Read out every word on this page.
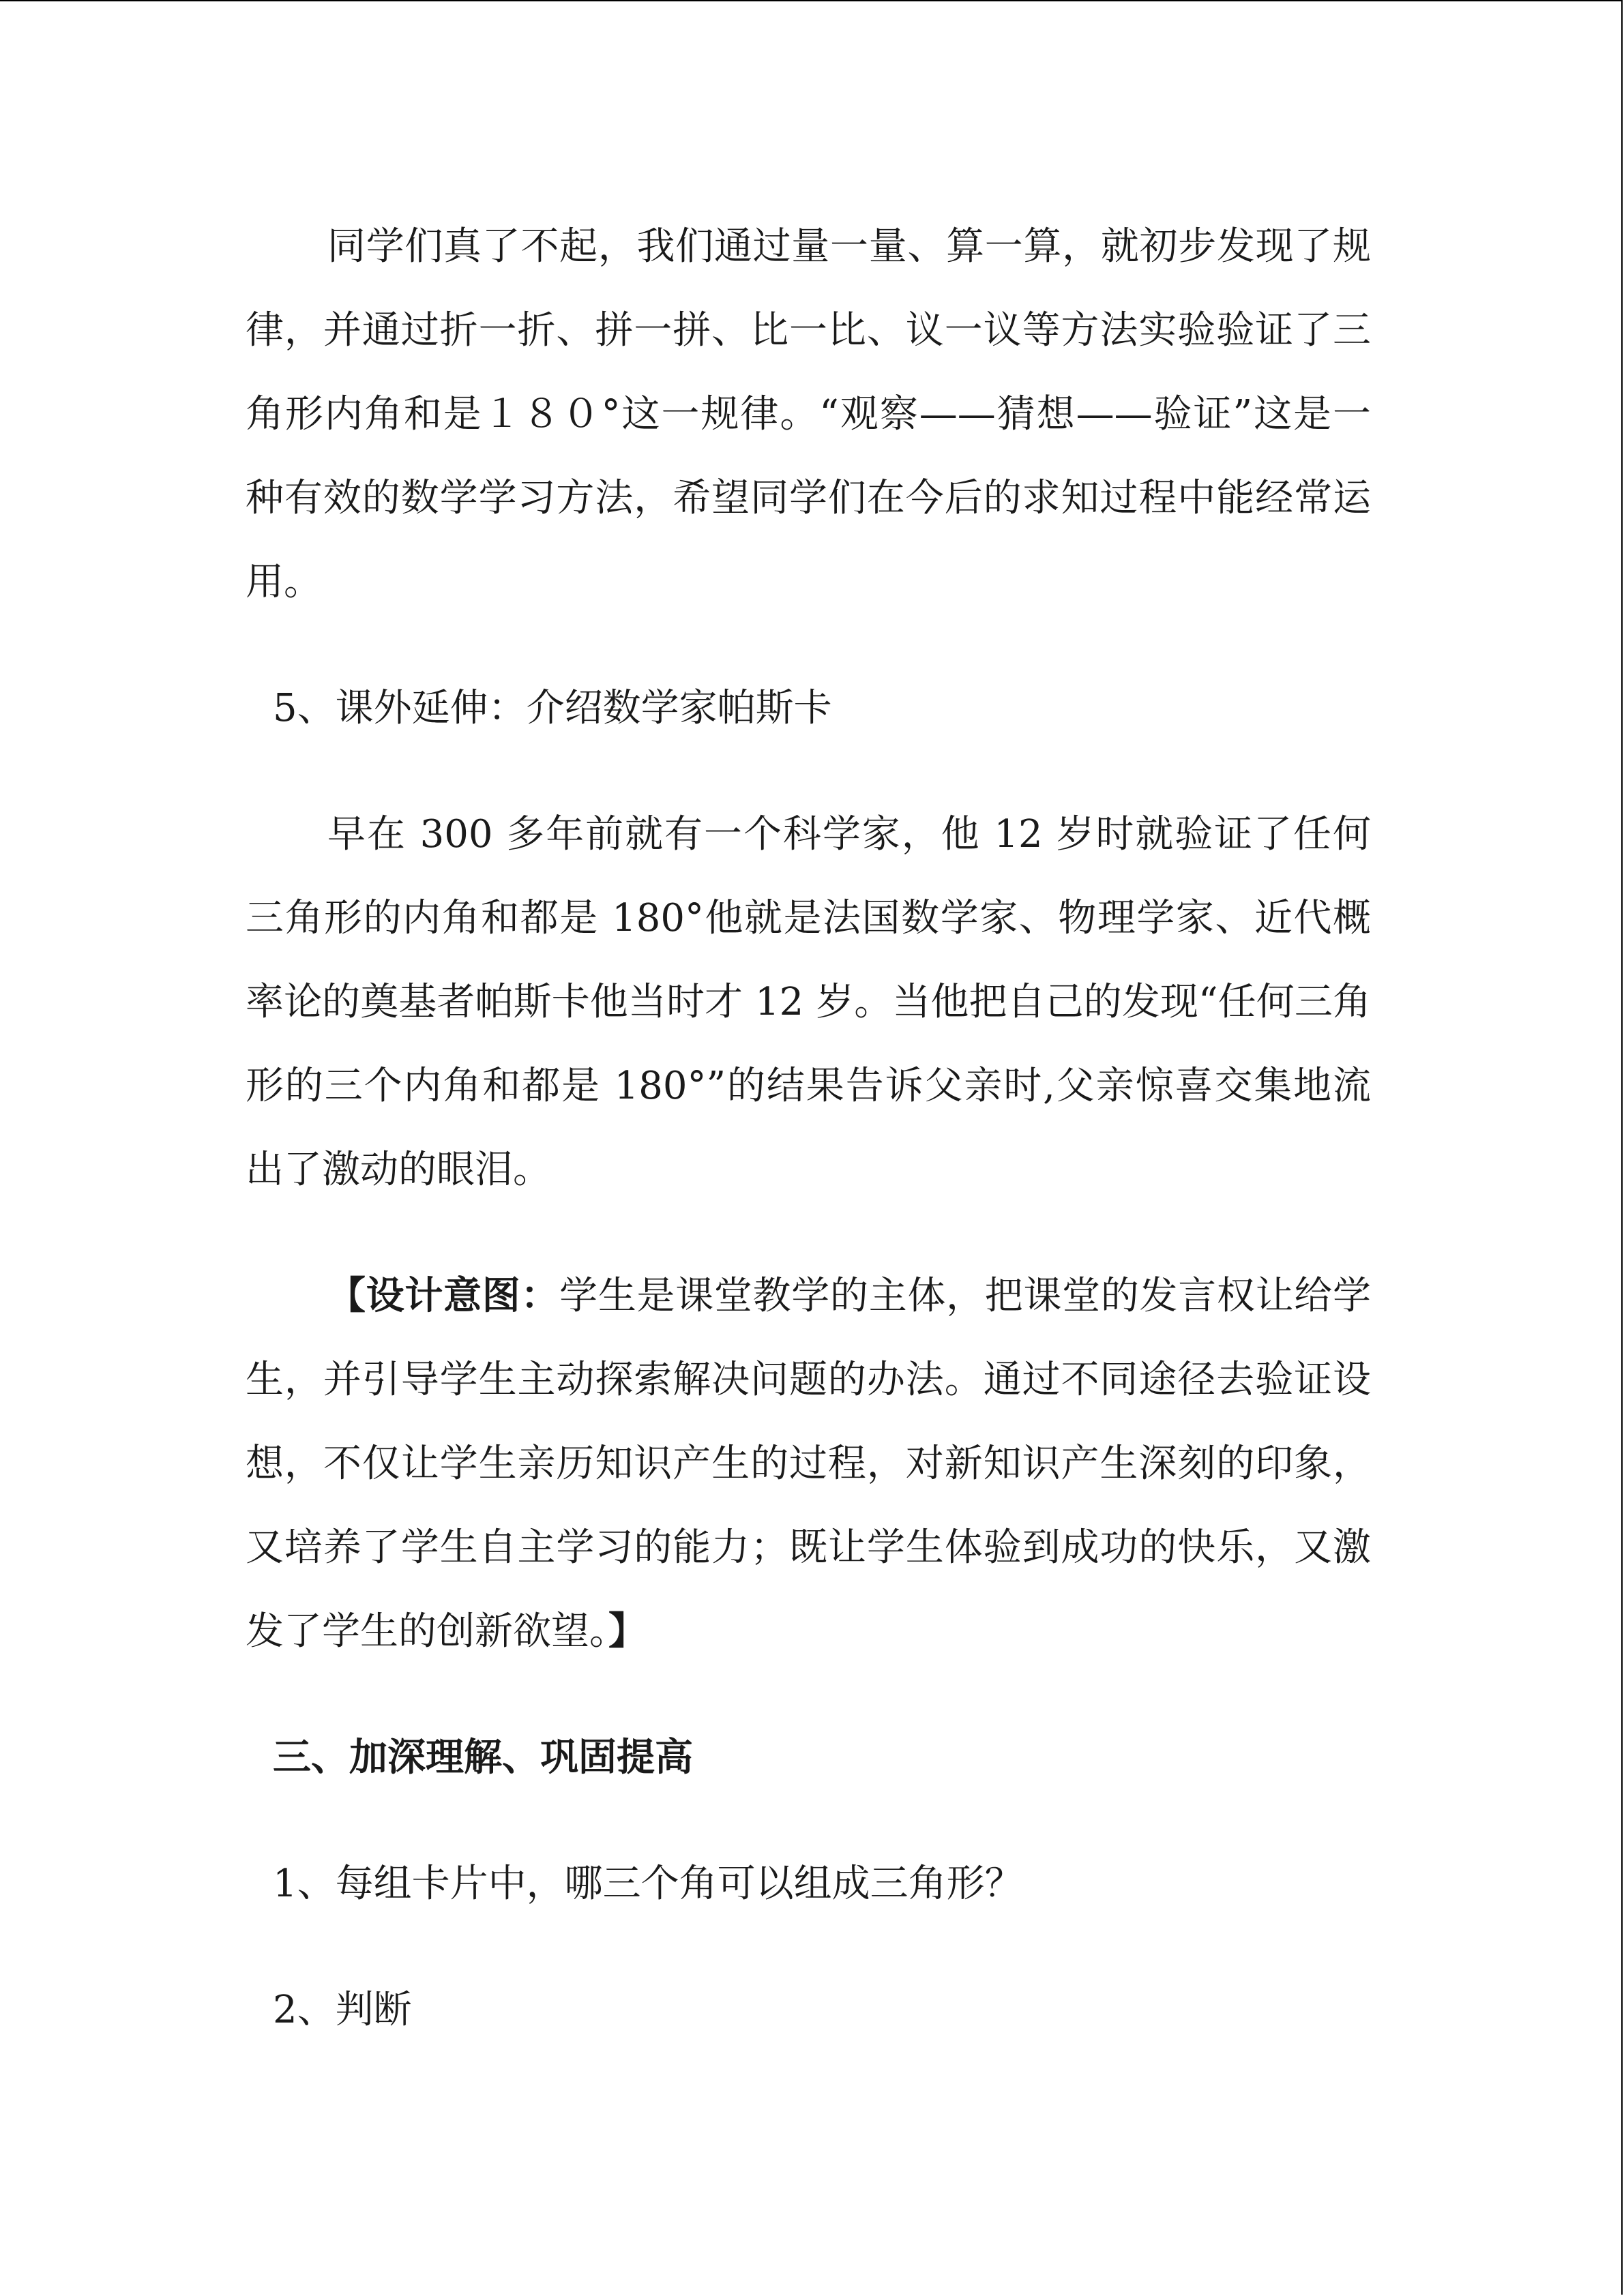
同学们真了不起，我们通过量一量、算一算，就初步发现了规律，并通过折一折、拼一拼、比一比、议一议等方法实验验证了三角形内角和是１８０°这一规律。“观察——猜想——验证”这是一种有效的数学学习方法，希望同学们在今后的求知过程中能经常运用。

5、课外延伸：介绍数学家帕斯卡

早在 300 多年前就有一个科学家，他 12 岁时就验证了任何三角形的内角和都是 180°他就是法国数学家、物理学家、近代概率论的奠基者帕斯卡他当时才 12 岁。当他把自己的发现“任何三角形的三个内角和都是 180°”的结果告诉父亲时,父亲惊喜交集地流出了激动的眼泪。

【设计意图：学生是课堂教学的主体，把课堂的发言权让给学生，并引导学生主动探索解决问题的办法。通过不同途径去验证设想，不仅让学生亲历知识产生的过程，对新知识产生深刻的印象，又培养了学生自主学习的能力；既让学生体验到成功的快乐，又激发了学生的创新欲望。】

三、加深理解、巩固提高

1、每组卡片中，哪三个角可以组成三角形？

2、判断
